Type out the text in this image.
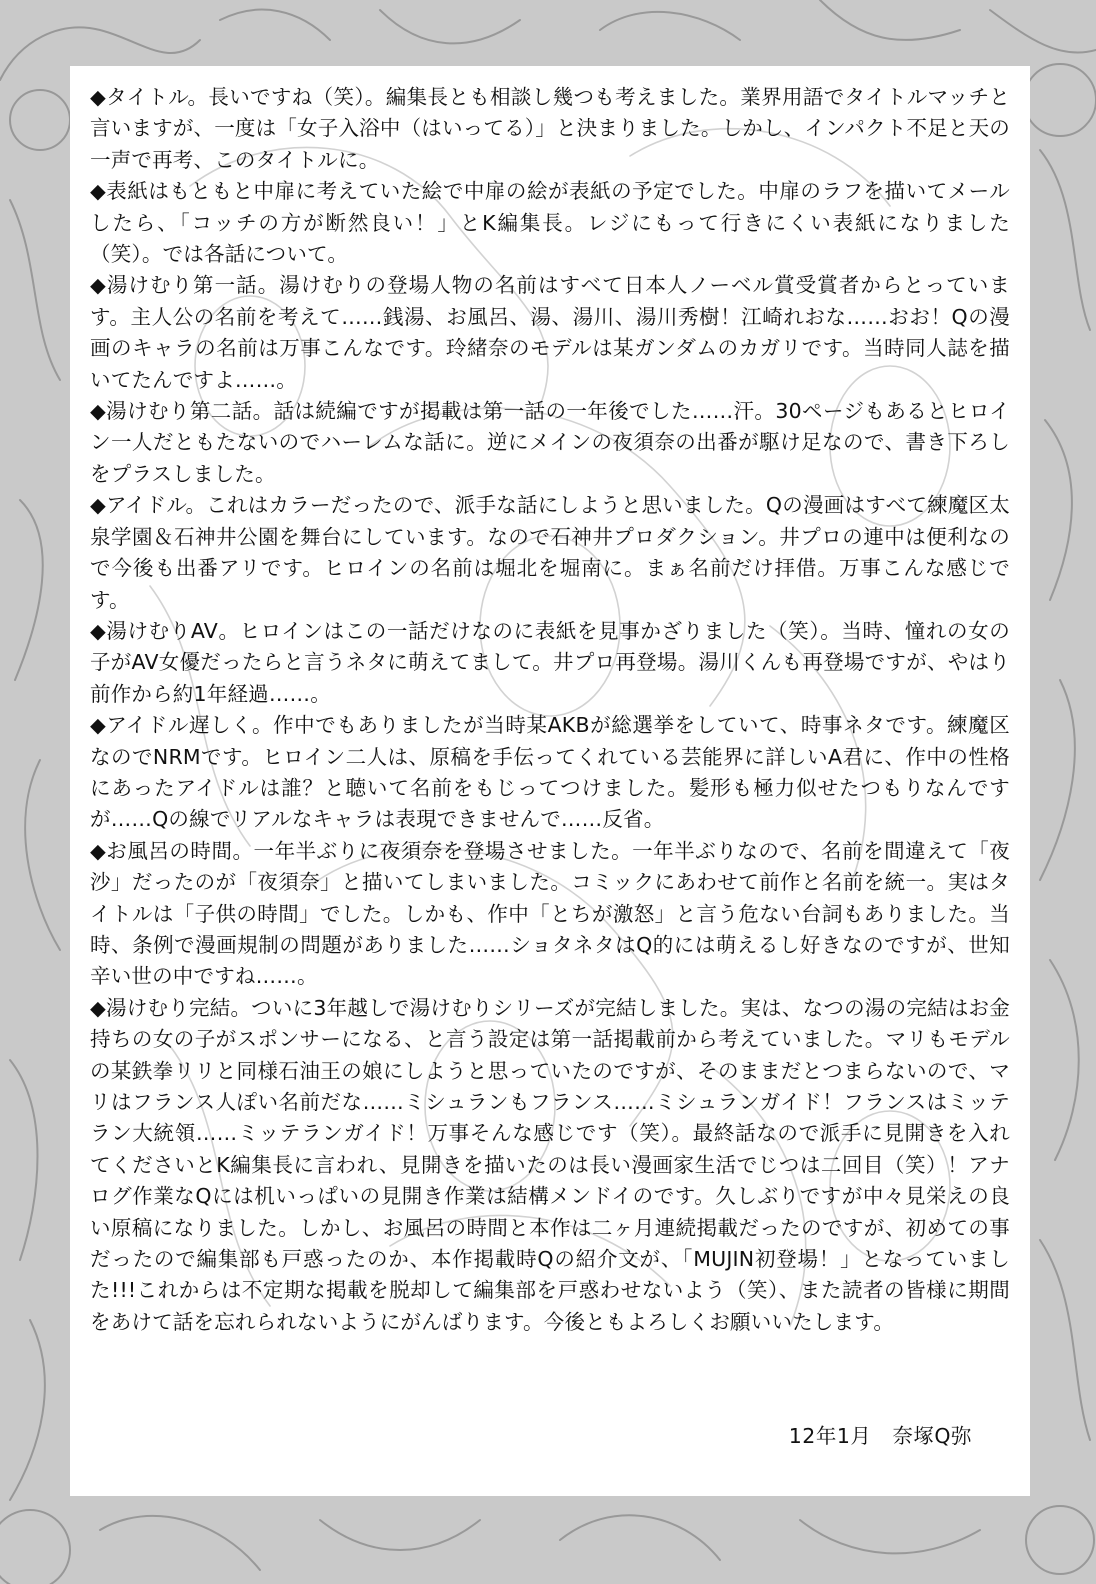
◆タイトル。長いですね（笑）。編集長とも相談し幾つも考えました。業界用語でタイトルマッチと言いますが、一度は「女子入浴中（はいってる）」と決まりました。しかし、インパクト不足と天の一声で再考、このタイトルに。

◆表紙はもともと中扉に考えていた絵で中扉の絵が表紙の予定でした。中扉のラフを描いてメールしたら、「コッチの方が断然良い！」とK編集長。レジにもって行きにくい表紙になりました（笑）。では各話について。

◆湯けむり第一話。湯けむりの登場人物の名前はすべて日本人ノーベル賞受賞者からとっています。主人公の名前を考えて……銭湯、お風呂、湯、湯川、湯川秀樹！江崎れおな……おお！Qの漫画のキャラの名前は万事こんなです。玲緒奈のモデルは某ガンダムのカガリです。当時同人誌を描いてたんですよ……。

◆湯けむり第二話。話は続編ですが掲載は第一話の一年後でした……汗。30ページもあるとヒロイン一人だともたないのでハーレムな話に。逆にメインの夜須奈の出番が駆け足なので、書き下ろしをプラスしました。

◆アイドル。これはカラーだったので、派手な話にしようと思いました。Qの漫画はすべて練魔区太泉学園＆石神井公園を舞台にしています。なので石神井プロダクション。井プロの連中は便利なので今後も出番アリです。ヒロインの名前は堀北を堀南に。まぁ名前だけ拝借。万事こんな感じです。

◆湯けむりAV。ヒロインはこの一話だけなのに表紙を見事かざりました（笑）。当時、憧れの女の子がAV女優だったらと言うネタに萌えてまして。井プロ再登場。湯川くんも再登場ですが、やはり前作から約1年経過……。

◆アイドル遅しく。作中でもありましたが当時某AKBが総選挙をしていて、時事ネタです。練魔区なのでNRMです。ヒロイン二人は、原稿を手伝ってくれている芸能界に詳しいA君に、作中の性格にあったアイドルは誰？と聴いて名前をもじってつけました。髪形も極力似せたつもりなんですが……Qの線でリアルなキャラは表現できませんで……反省。

◆お風呂の時間。一年半ぶりに夜須奈を登場させました。一年半ぶりなので、名前を間違えて「夜沙」だったのが「夜須奈」と描いてしまいました。コミックにあわせて前作と名前を統一。実はタイトルは「子供の時間」でした。しかも、作中「とちが激怒」と言う危ない台詞もありました。当時、条例で漫画規制の問題がありました……ショタネタはQ的には萌えるし好きなのですが、世知辛い世の中ですね……。

◆湯けむり完結。ついに3年越しで湯けむりシリーズが完結しました。実は、なつの湯の完結はお金持ちの女の子がスポンサーになる、と言う設定は第一話掲載前から考えていました。マリもモデルの某鉄拳リリと同様石油王の娘にしようと思っていたのですが、そのままだとつまらないので、マリはフランス人ぽい名前だな……ミシュランもフランス……ミシュランガイド！フランスはミッテラン大統領……ミッテランガイド！万事そんな感じです（笑）。最終話なので派手に見開きを入れてくださいとK編集長に言われ、見開きを描いたのは長い漫画家生活でじつは二回目（笑）！アナログ作業なQには机いっぱいの見開き作業は結構メンドイのです。久しぶりですが中々見栄えの良い原稿になりました。しかし、お風呂の時間と本作は二ヶ月連続掲載だったのですが、初めての事だったので編集部も戸惑ったのか、本作掲載時Qの紹介文が、「MUJIN初登場！」となっていました!!!これからは不定期な掲載を脱却して編集部を戸惑わせないよう（笑）、また読者の皆様に期間をあけて話を忘れられないようにがんばります。今後ともよろしくお願いいたします。

12年1月　奈塚Q弥
